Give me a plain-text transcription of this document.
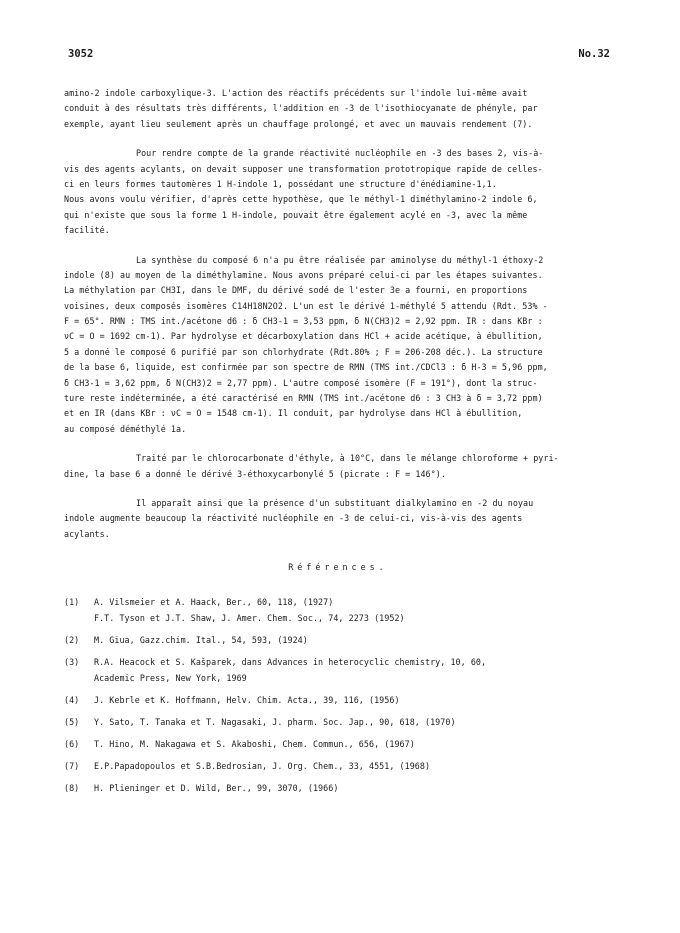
3052	No.32
amino-2 indole carboxylique-3. L'action des réactifs précédents sur l'indole lui-même avait
conduit à des résultats très différents, l'addition en -3 de l'isothiocyanate de phényle, par
exemple, ayant lieu seulement après un chauffage prolongé, et avec un mauvais rendement (7).
Pour rendre compte de la grande réactivité nucléophile en -3 des bases 2, vis-à-
vis des agents acylants, on devait supposer une transformation prototropique rapide de celles-
ci en leurs formes tautomères 1 H-indole 1, possédant une structure d'énédiamine-1,1.
Nous avons voulu vérifier, d'après cette hypothèse, que le méthyl-1 diméthylamino-2 indole 6,
qui n'existe que sous la forme 1 H-indole, pouvait être également acylé en -3, avec la même
facilité.
La synthèse du composé 6 n'a pu être réalisée par aminolyse du méthyl-1 éthoxy-2
indole (8) au moyen de la diméthylamine. Nous avons préparé celui-ci par les étapes suivantes.
La méthylation par CH3I, dans le DMF, du dérivé sodé de l'ester 3e a fourni, en proportions
voisines, deux composés isomères C14H18N2O2. L'un est le dérivé 1-méthylé 5 attendu (Rdt. 53% -
F = 65°. RMN : TMS int./acétone d6 : δ CH3-1 = 3,53 ppm, δ N(CH3)2 = 2,92 ppm. IR : dans KBr :
νC = O = 1692 cm-1). Par hydrolyse et décarboxylation dans HCl + acide acétique, à ébullition,
5 a donné le composé 6 purifié par son chlorhydrate (Rdt.80% ; F = 206-208 déc.). La structure
de la base 6, liquide, est confirmée par son spectre de RMN (TMS int./CDCl3 : δ H-3 = 5,96 ppm,
δ CH3-1 = 3,62 ppm, δ N(CH3)2 = 2,77 ppm). L'autre composé isomère (F = 191°), dont la struc-
ture reste indéterminée, a été caractérisé en RMN (TMS int./acétone d6 : 3 CH3 à δ = 3,72 ppm)
et en IR (dans KBr : νC = O = 1548 cm-1). Il conduit, par hydrolyse dans HCl à ébullition,
au composé déméthylé 1a.
Traité par le chlorocarbonate d'éthyle, à 10°C, dans le mélange chloroforme + pyri-
dine, la base 6 a donné le dérivé 3-éthoxycarbonylé 5 (picrate : F = 146°).
Il apparaît ainsi que la présence d'un substituant dialkylamino en -2 du noyau
indole augmente beaucoup la réactivité nucléophile en -3 de celui-ci, vis-à-vis des agents
acylants.
Références.
(1)	A. Vilsmeier et A. Haack, Ber., 60, 118, (1927)
F.T. Tyson et J.T. Shaw, J. Amer. Chem. Soc., 74, 2273 (1952)
(2)	M. Giua, Gazz.chim. Ital., 54, 593, (1924)
(3)	R.A. Heacock et S. Kašparek, dans Advances in heterocyclic chemistry, 10, 60,
Academic Press, New York, 1969
(4)	J. Kebrle et K. Hoffmann, Helv. Chim. Acta., 39, 116, (1956)
(5)	Y. Sato, T. Tanaka et T. Nagasaki, J. pharm. Soc. Jap., 90, 618, (1970)
(6)	T. Hino, M. Nakagawa et S. Akaboshi, Chem. Commun., 656, (1967)
(7)	E.P.Papadopoulos et S.B.Bedrosian, J. Org. Chem., 33, 4551, (1968)
(8)	H. Plieninger et D. Wild, Ber., 99, 3070, (1966)
